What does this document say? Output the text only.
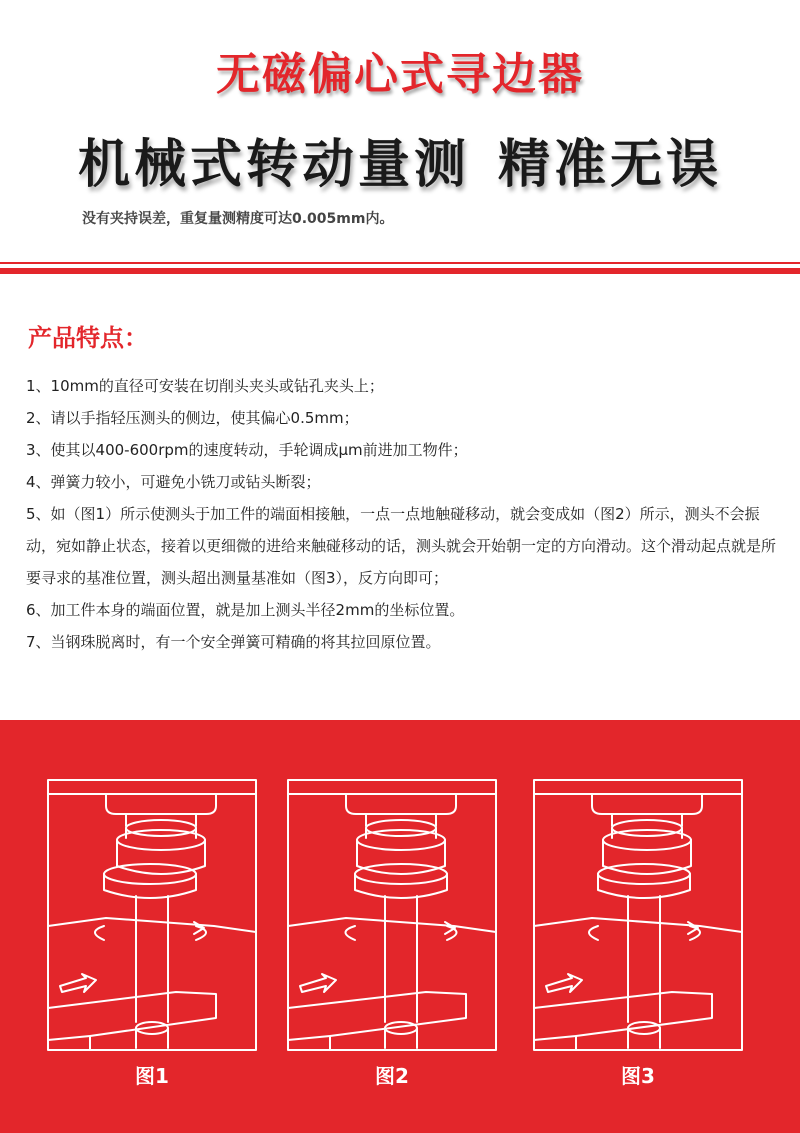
无磁偏心式寻边器
机械式转动量测 精准无误
没有夹持误差，重复量测精度可达0.005mm内。
产品特点：

1、10mm的直径可安装在切削头夹头或钻孔夹头上；

2、请以手指轻压测头的侧边，使其偏心0.5mm；

3、使其以400-600rpm的速度转动，手轮调成μm前进加工物件；

4、弹簧力较小，可避免小铣刀或钻头断裂；

5、如（图1）所示使测头于加工件的端面相接触，一点一点地触碰移动，就会变成如（图2）所示，测头不会振动，宛如静止状态，接着以更细微的进给来触碰移动的话，测头就会开始朝一定的方向滑动。这个滑动起点就是所要寻求的基准位置，测头超出测量基准如（图3），反方向即可；

6、加工件本身的端面位置，就是加上测头半径2mm的坐标位置。

7、当钢珠脱离时，有一个安全弹簧可精确的将其拉回原位置。

图1	图2	图3
